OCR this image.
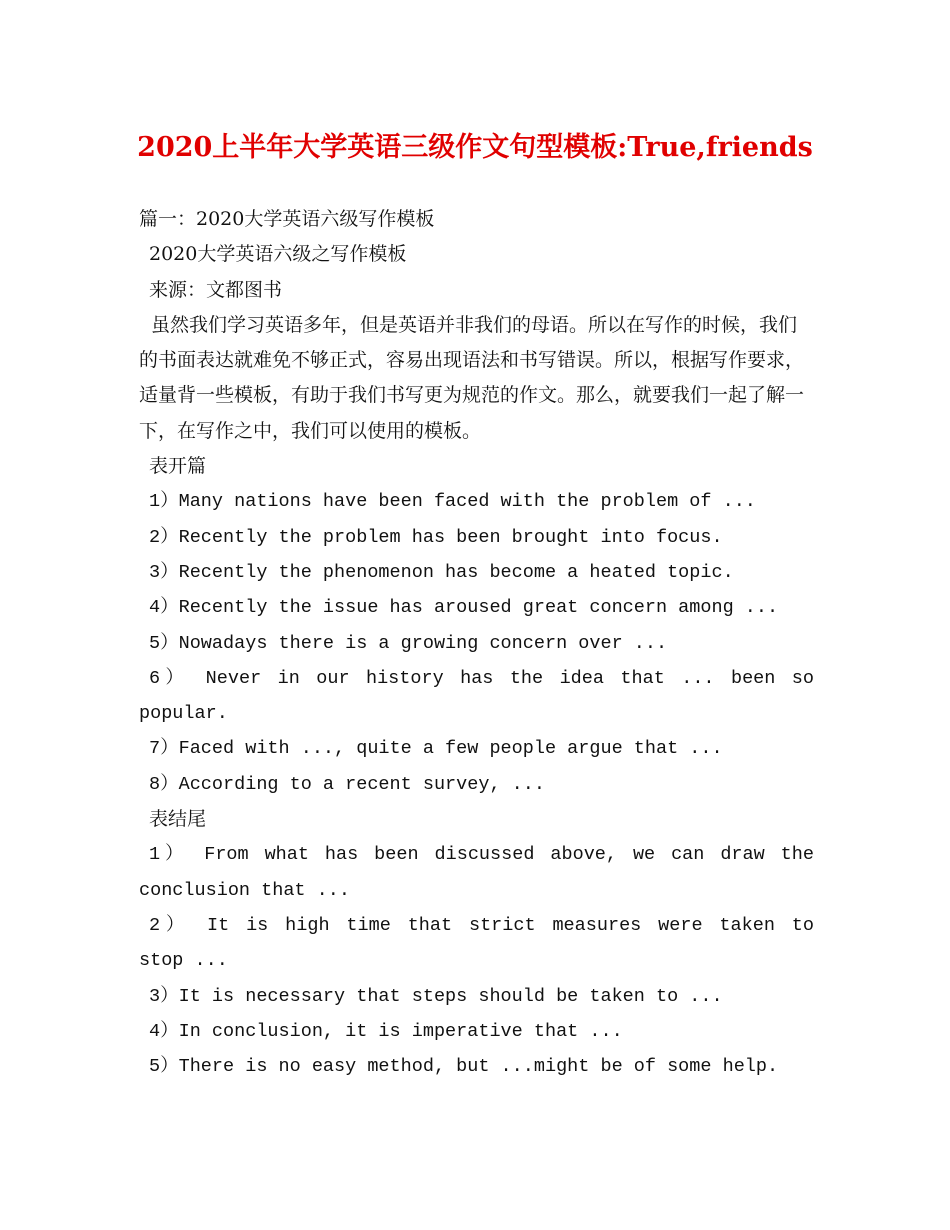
2020上半年大学英语三级作文句型模板:True,friends
篇一：2020大学英语六级写作模板
2020大学英语六级之写作模板
来源：文都图书
虽然我们学习英语多年，但是英语并非我们的母语。所以在写作的时候，我们的书面表达就难免不够正式，容易出现语法和书写错误。所以，根据写作要求，适量背一些模板，有助于我们书写更为规范的作文。那么，就要我们一起了解一下，在写作之中，我们可以使用的模板。
表开篇
1）Many nations have been faced with the problem of ...
2）Recently the problem has been brought into focus.
3）Recently the phenomenon has become a heated topic.
4）Recently the issue has aroused great concern among ...
5）Nowadays there is a growing concern over ...
6） Never in our history has the idea that ... been so
popular.
7）Faced with ..., quite a few people argue that ...
8）According to a recent survey, ...
表结尾
1） From what has been discussed above, we can draw the
conclusion that ...
2） It is high time that strict measures were taken to
stop ...
3）It is necessary that steps should be taken to ...
4）In conclusion, it is imperative that ...
5）There is no easy method, but ...might be of some help.
